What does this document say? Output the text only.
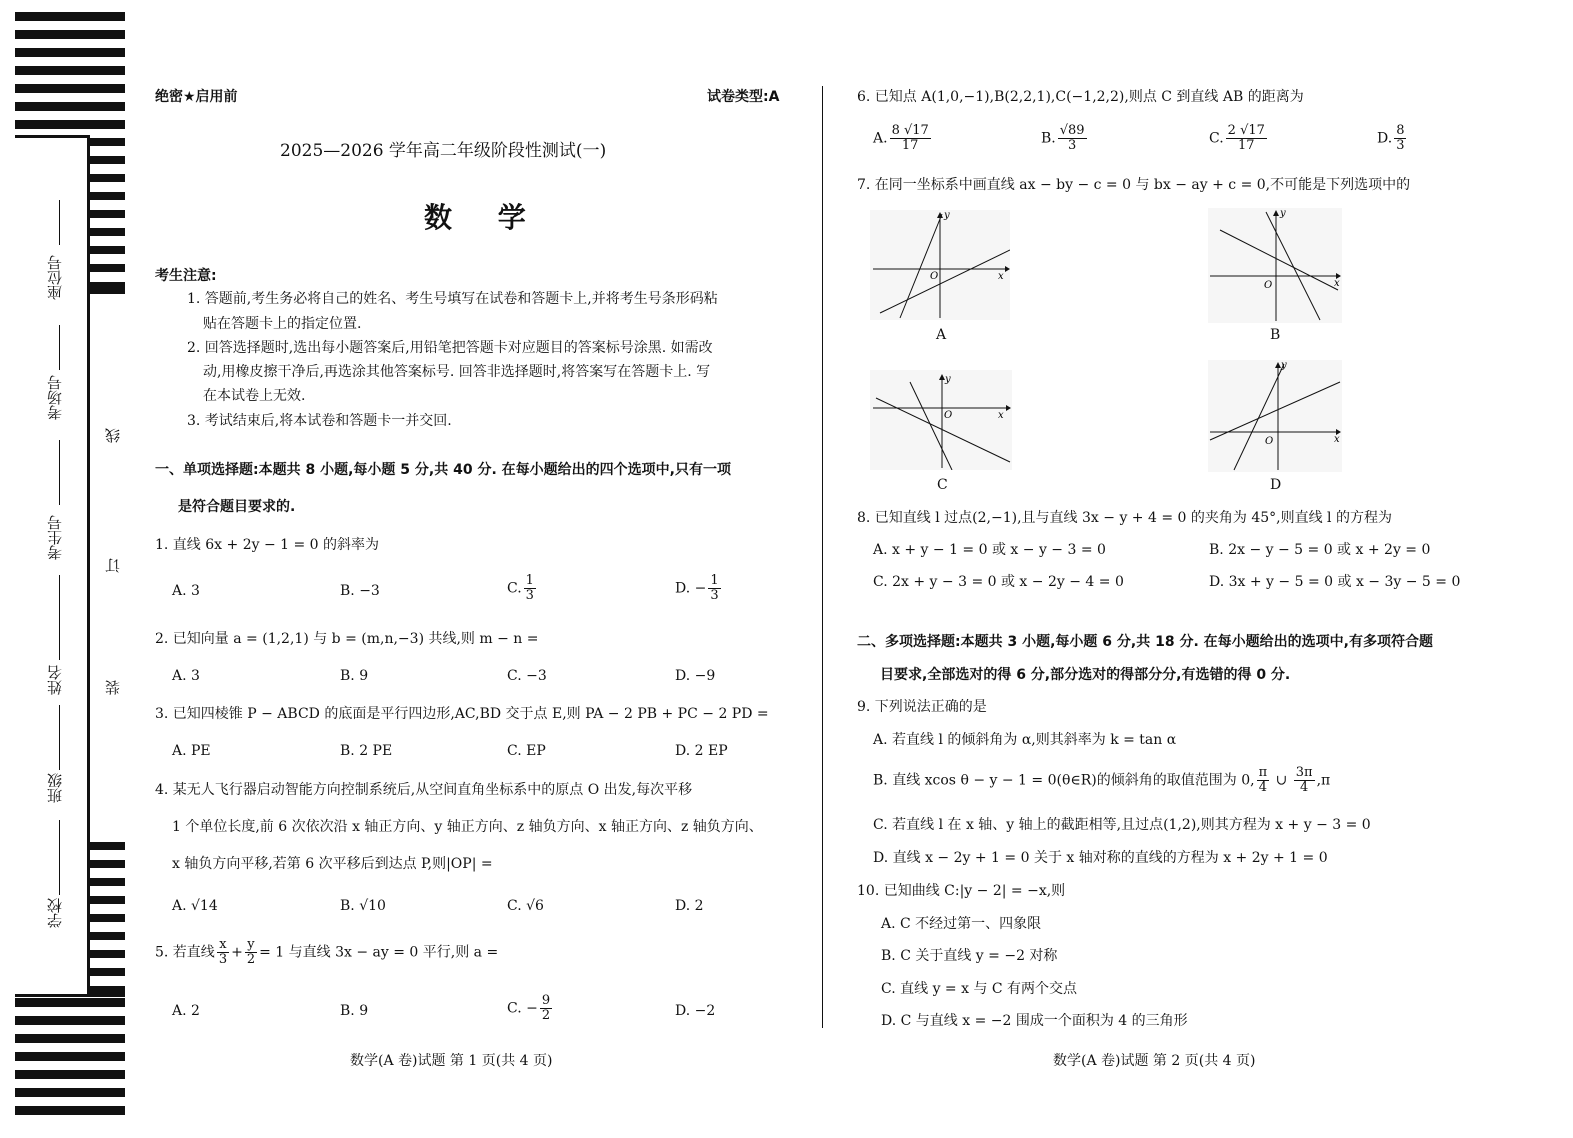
座位号
考场号
考生号
姓名
班级
学校
线
订
装
绝密★启用前	试卷类型:A
2025—2026 学年高二年级阶段性测试(一)
数 学
考生注意:
1. 答题前,考生务必将自己的姓名、考生号填写在试卷和答题卡上,并将考生号条形码粘
贴在答题卡上的指定位置.
2. 回答选择题时,选出每小题答案后,用铅笔把答题卡对应题目的答案标号涂黑. 如需改
动,用橡皮擦干净后,再选涂其他答案标号. 回答非选择题时,将答案写在答题卡上. 写
在本试卷上无效.
3. 考试结束后,将本试卷和答题卡一并交回.
一、单项选择题:本题共 8 小题,每小题 5 分,共 40 分. 在每小题给出的四个选项中,只有一项
是符合题目要求的.
1. 直线 6x + 2y − 1 = 0 的斜率为
A. 3	B. −3	C. $\frac{1}{3}$	D. − $\frac{1}{3}$
2. 已知向量 a = (1,2,1) 与 b = (m,n,−3) 共线,则 m − n =
A. 3	B. 9	C. −3	D. −9
3. 已知四棱锥 P − ABCD 的底面是平行四边形,AC,BD 交于点 E,则 PA − 2 PB + PC − 2 PD =
A. PE	B. 2 PE	C. EP	D. 2 EP
4. 某无人飞行器启动智能方向控制系统后,从空间直角坐标系中的原点 O 出发,每次平移
1 个单位长度,前 6 次依次沿 x 轴正方向、y 轴正方向、z 轴负方向、x 轴正方向、z 轴负方向、
x 轴负方向平移,若第 6 次平移后到达点 P,则|OP| =
A. √14	B. √10	C. √6	D. 2
5. 若直线 $\frac{x}{3} + \frac{y}{2} = 1$ 与直线 3x − ay = 0 平行,则 a =
A. 2	B. 9	C. − $\frac{9}{2}$	D. −2
数学(A 卷)试题 第 1 页(共 4 页)
6. 已知点 A(1,0,−1),B(2,2,1),C(−1,2,2),则点 C 到直线 AB 的距离为
A. $\frac{8 √17}{17}$	B. $\frac{√89}{3}$	C. $\frac{2 √17}{17}$	D. $\frac{8}{3}$
7. 在同一坐标系中画直线 ax − by − c = 0 与 bx − ay + c = 0,不可能是下列选项中的
y
x
O
A
y
x
O
B
y
x
O
C
y
x
O
D
8. 已知直线 l 过点(2,−1),且与直线 3x − y + 4 = 0 的夹角为 45°,则直线 l 的方程为
A. x + y − 1 = 0 或 x − y − 3 = 0	B. 2x − y − 5 = 0 或 x + 2y = 0
C. 2x + y − 3 = 0 或 x − 2y − 4 = 0	D. 3x + y − 5 = 0 或 x − 3y − 5 = 0
二、多项选择题:本题共 3 小题,每小题 6 分,共 18 分. 在每小题给出的选项中,有多项符合题
目要求,全部选对的得 6 分,部分选对的得部分分,有选错的得 0 分.
9. 下列说法正确的是
A. 若直线 l 的倾斜角为 α,则其斜率为 k = tan α
B. 直线 xcos θ − y − 1 = 0(θ∈R)的倾斜角的取值范围为 0, $\frac{\pi}{4}$ ∪ $\frac{3\pi}{4} ,\pi$
C. 若直线 l 在 x 轴、y 轴上的截距相等,且过点(1,2),则其方程为 x + y − 3 = 0
D. 直线 x − 2y + 1 = 0 关于 x 轴对称的直线的方程为 x + 2y + 1 = 0
10. 已知曲线 C:|y − 2| = −x,则
A. C 不经过第一、四象限
B. C 关于直线 y = −2 对称
C. 直线 y = x 与 C 有两个交点
D. C 与直线 x = −2 围成一个面积为 4 的三角形
数学(A 卷)试题 第 2 页(共 4 页)
